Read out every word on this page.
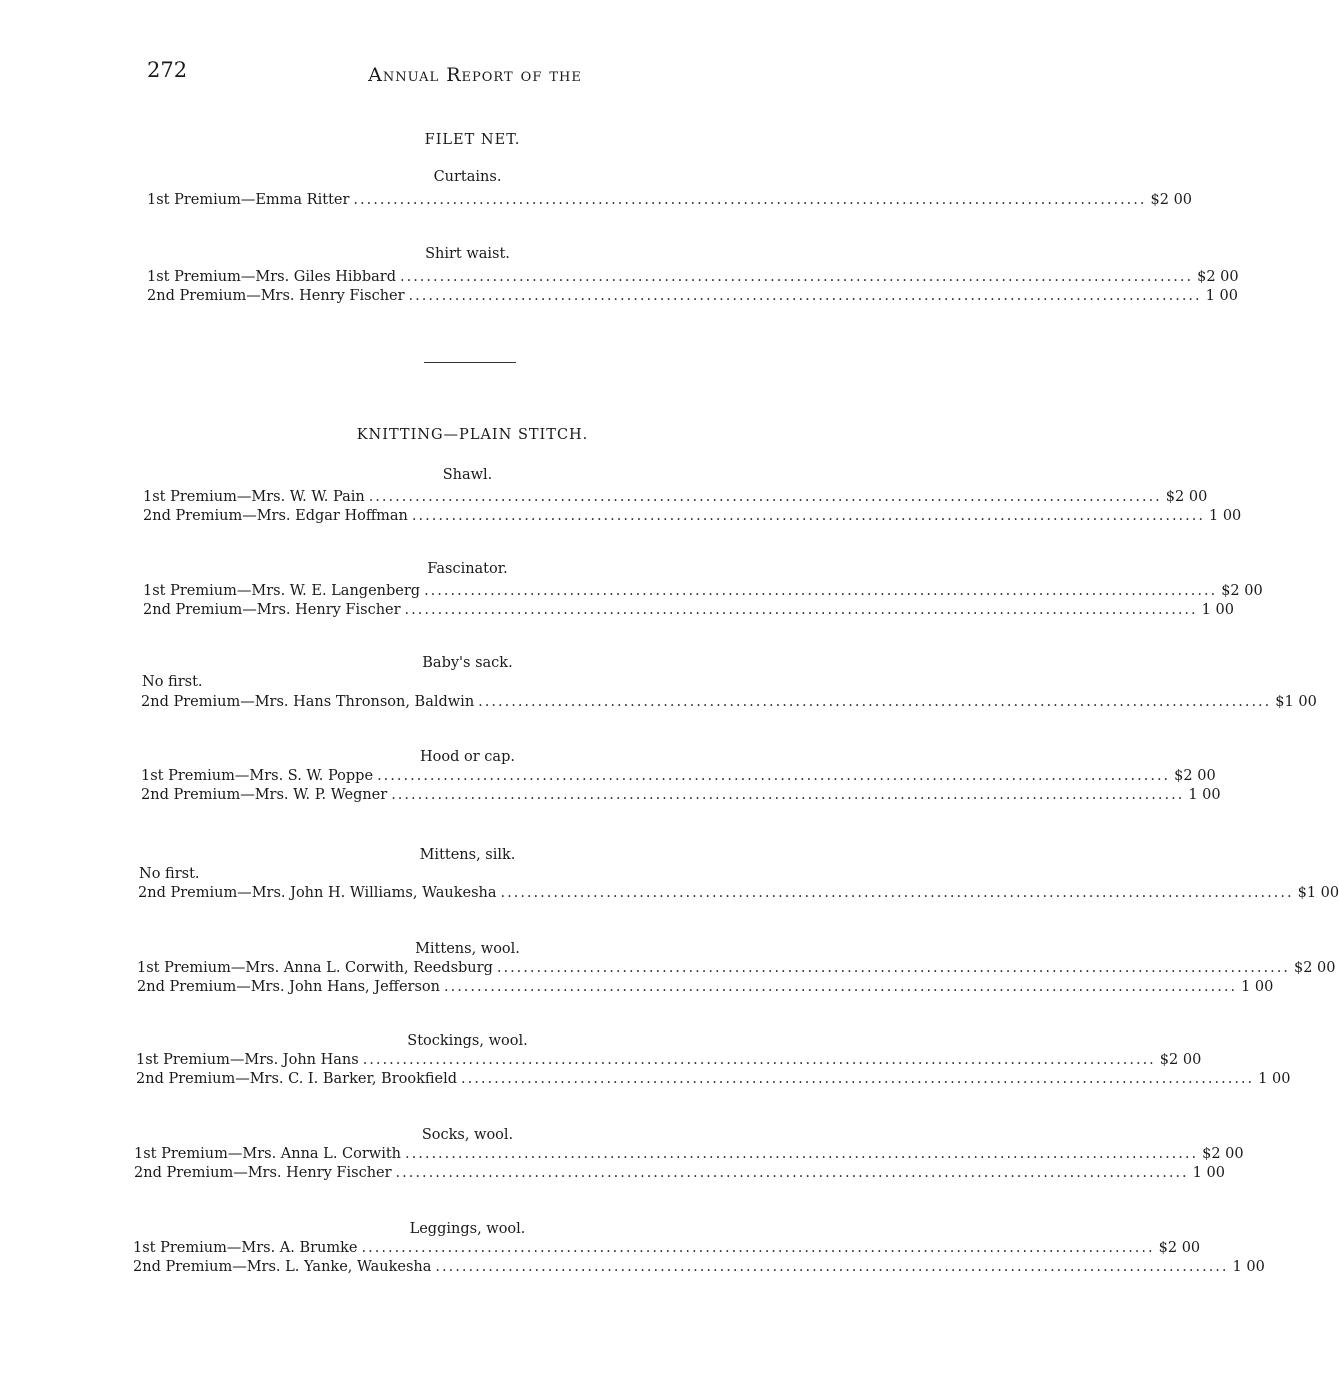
272	Annual Report of the
FILET NET.
Curtains.
1st Premium—Emma Ritter ........................................................................................................................ $2 00
Shirt waist.
1st Premium—Mrs. Giles Hibbard ........................................................................................................................ $2 00
2nd Premium—Mrs. Henry Fischer ........................................................................................................................ 1 00
KNITTING—PLAIN STITCH.
Shawl.
1st Premium—Mrs. W. W. Pain ........................................................................................................................ $2 00
2nd Premium—Mrs. Edgar Hoffman ........................................................................................................................ 1 00
Fascinator.
1st Premium—Mrs. W. E. Langenberg ........................................................................................................................ $2 00
2nd Premium—Mrs. Henry Fischer ........................................................................................................................ 1 00
Baby's sack.
No first.
2nd Premium—Mrs. Hans Thronson, Baldwin ........................................................................................................................ $1 00
Hood or cap.
1st Premium—Mrs. S. W. Poppe ........................................................................................................................ $2 00
2nd Premium—Mrs. W. P. Wegner ........................................................................................................................ 1 00
Mittens, silk.
No first.
2nd Premium—Mrs. John H. Williams, Waukesha ........................................................................................................................ $1 00
Mittens, wool.
1st Premium—Mrs. Anna L. Corwith, Reedsburg ........................................................................................................................ $2 00
2nd Premium—Mrs. John Hans, Jefferson ........................................................................................................................ 1 00
Stockings, wool.
1st Premium—Mrs. John Hans ........................................................................................................................ $2 00
2nd Premium—Mrs. C. I. Barker, Brookfield ........................................................................................................................ 1 00
Socks, wool.
1st Premium—Mrs. Anna L. Corwith ........................................................................................................................ $2 00
2nd Premium—Mrs. Henry Fischer ........................................................................................................................ 1 00
Leggings, wool.
1st Premium—Mrs. A. Brumke ........................................................................................................................ $2 00
2nd Premium—Mrs. L. Yanke, Waukesha ........................................................................................................................ 1 00
